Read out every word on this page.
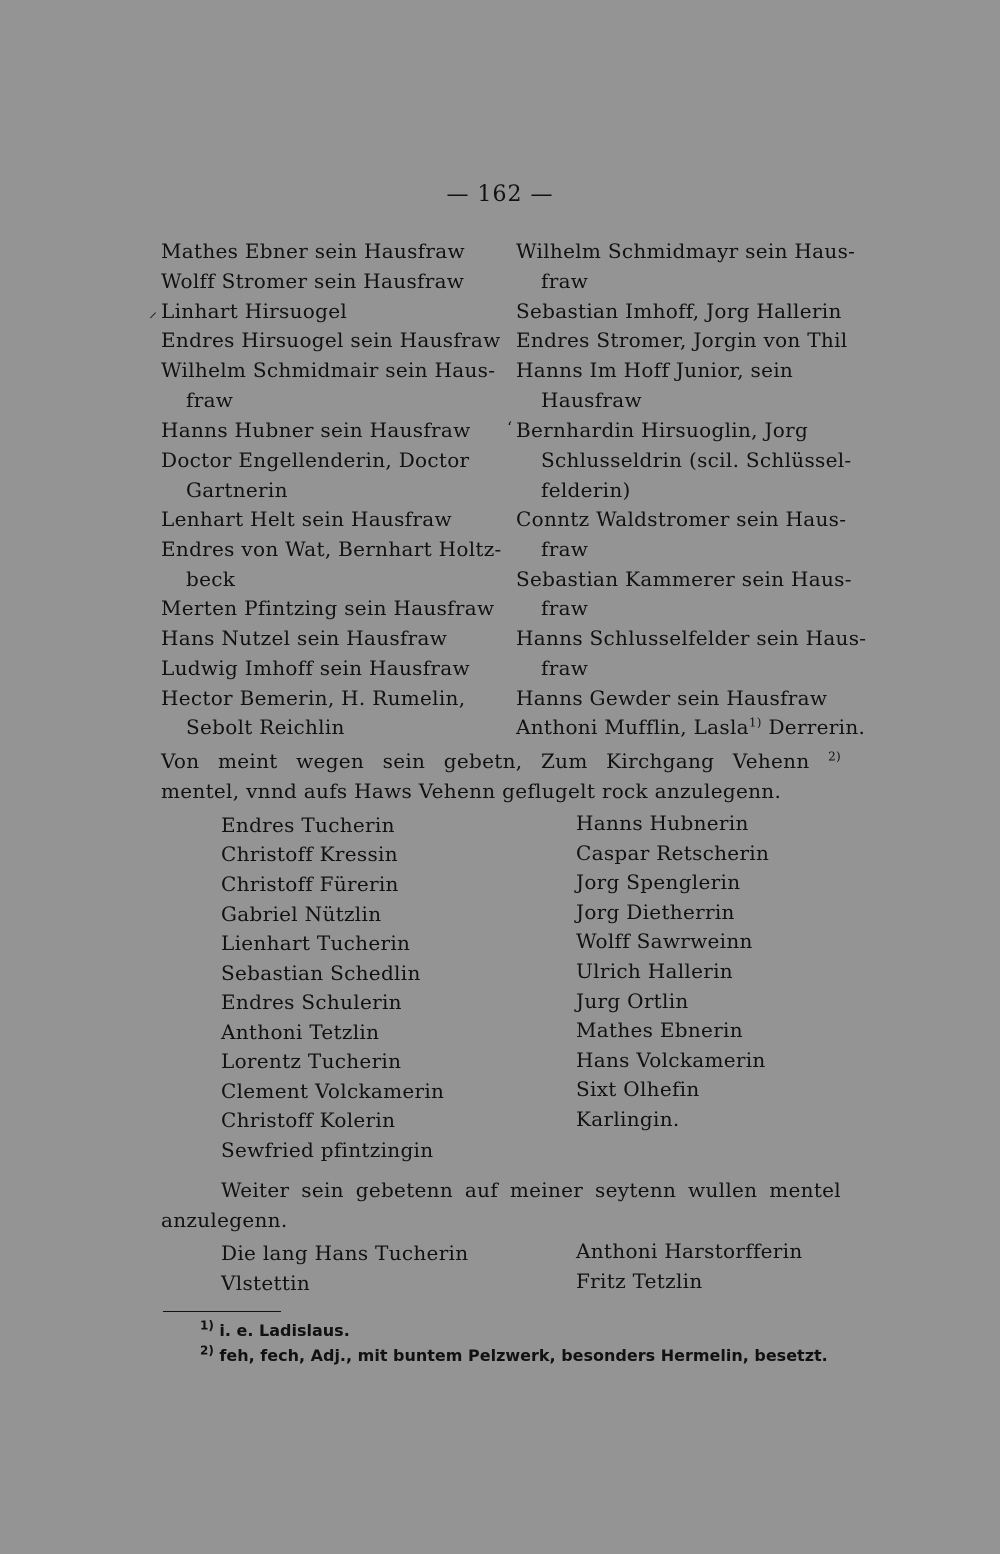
— 162 —
Mathes Ebner sein Hausfraw
Wolff Stromer sein Hausfraw
⸝ Linhart Hirsuogel
Endres Hirsuogel sein Hausfraw
Wilhelm Schmidmair sein Haus-
fraw
Hanns Hubner sein Hausfraw
Doctor Engellenderin, Doctor
Gartnerin
Lenhart Helt sein Hausfraw
Endres von Wat, Bernhart Holtz-
beck
Merten Pfintzing sein Hausfraw
Hans Nutzel sein Hausfraw
Ludwig Imhoff sein Hausfraw
Hector Bemerin, H. Rumelin,
Sebolt Reichlin
Wilhelm Schmidmayr sein Haus-
fraw
Sebastian Imhoff, Jorg Hallerin
Endres Stromer, Jorgin von Thil
Hanns Im Hoff Junior, sein
Hausfraw
‘ Bernhardin Hirsuoglin, Jorg
Schlusseldrin (scil. Schlüssel-
felderin)
Conntz Waldstromer sein Haus-
fraw
Sebastian Kammerer sein Haus-
fraw
Hanns Schlusselfelder sein Haus-
fraw
Hanns Gewder sein Hausfraw
Anthoni Mufflin, Lasla$^{1)}$ Derrerin.
Von meint wegen sein gebetn, Zum Kirchgang Vehenn $^{2)}$
mentel, vnnd aufs Haws Vehenn geflugelt rock anzulegenn.
Endres Tucherin
Christoff Kressin
Christoff Fürerin
Gabriel Nützlin
Lienhart Tucherin
Sebastian Schedlin
Endres Schulerin
Anthoni Tetzlin
Lorentz Tucherin
Clement Volckamerin
Christoff Kolerin
Sewfried pfintzingin
Hanns Hubnerin
Caspar Retscherin
Jorg Spenglerin
Jorg Dietherrin
Wolff Sawrweinn
Ulrich Hallerin
Jurg Ortlin
Mathes Ebnerin
Hans Volckamerin
Sixt Olhefin
Karlingin.
Weiter sein gebetenn auf meiner seytenn wullen mentel
anzulegenn.
Die lang Hans Tucherin
Vlstettin
Anthoni Harstorfferin
Fritz Tetzlin
$^{1)}$ i. e. Ladislaus.
$^{2)}$ feh, fech, Adj., mit buntem Pelzwerk, besonders Hermelin, besetzt.
